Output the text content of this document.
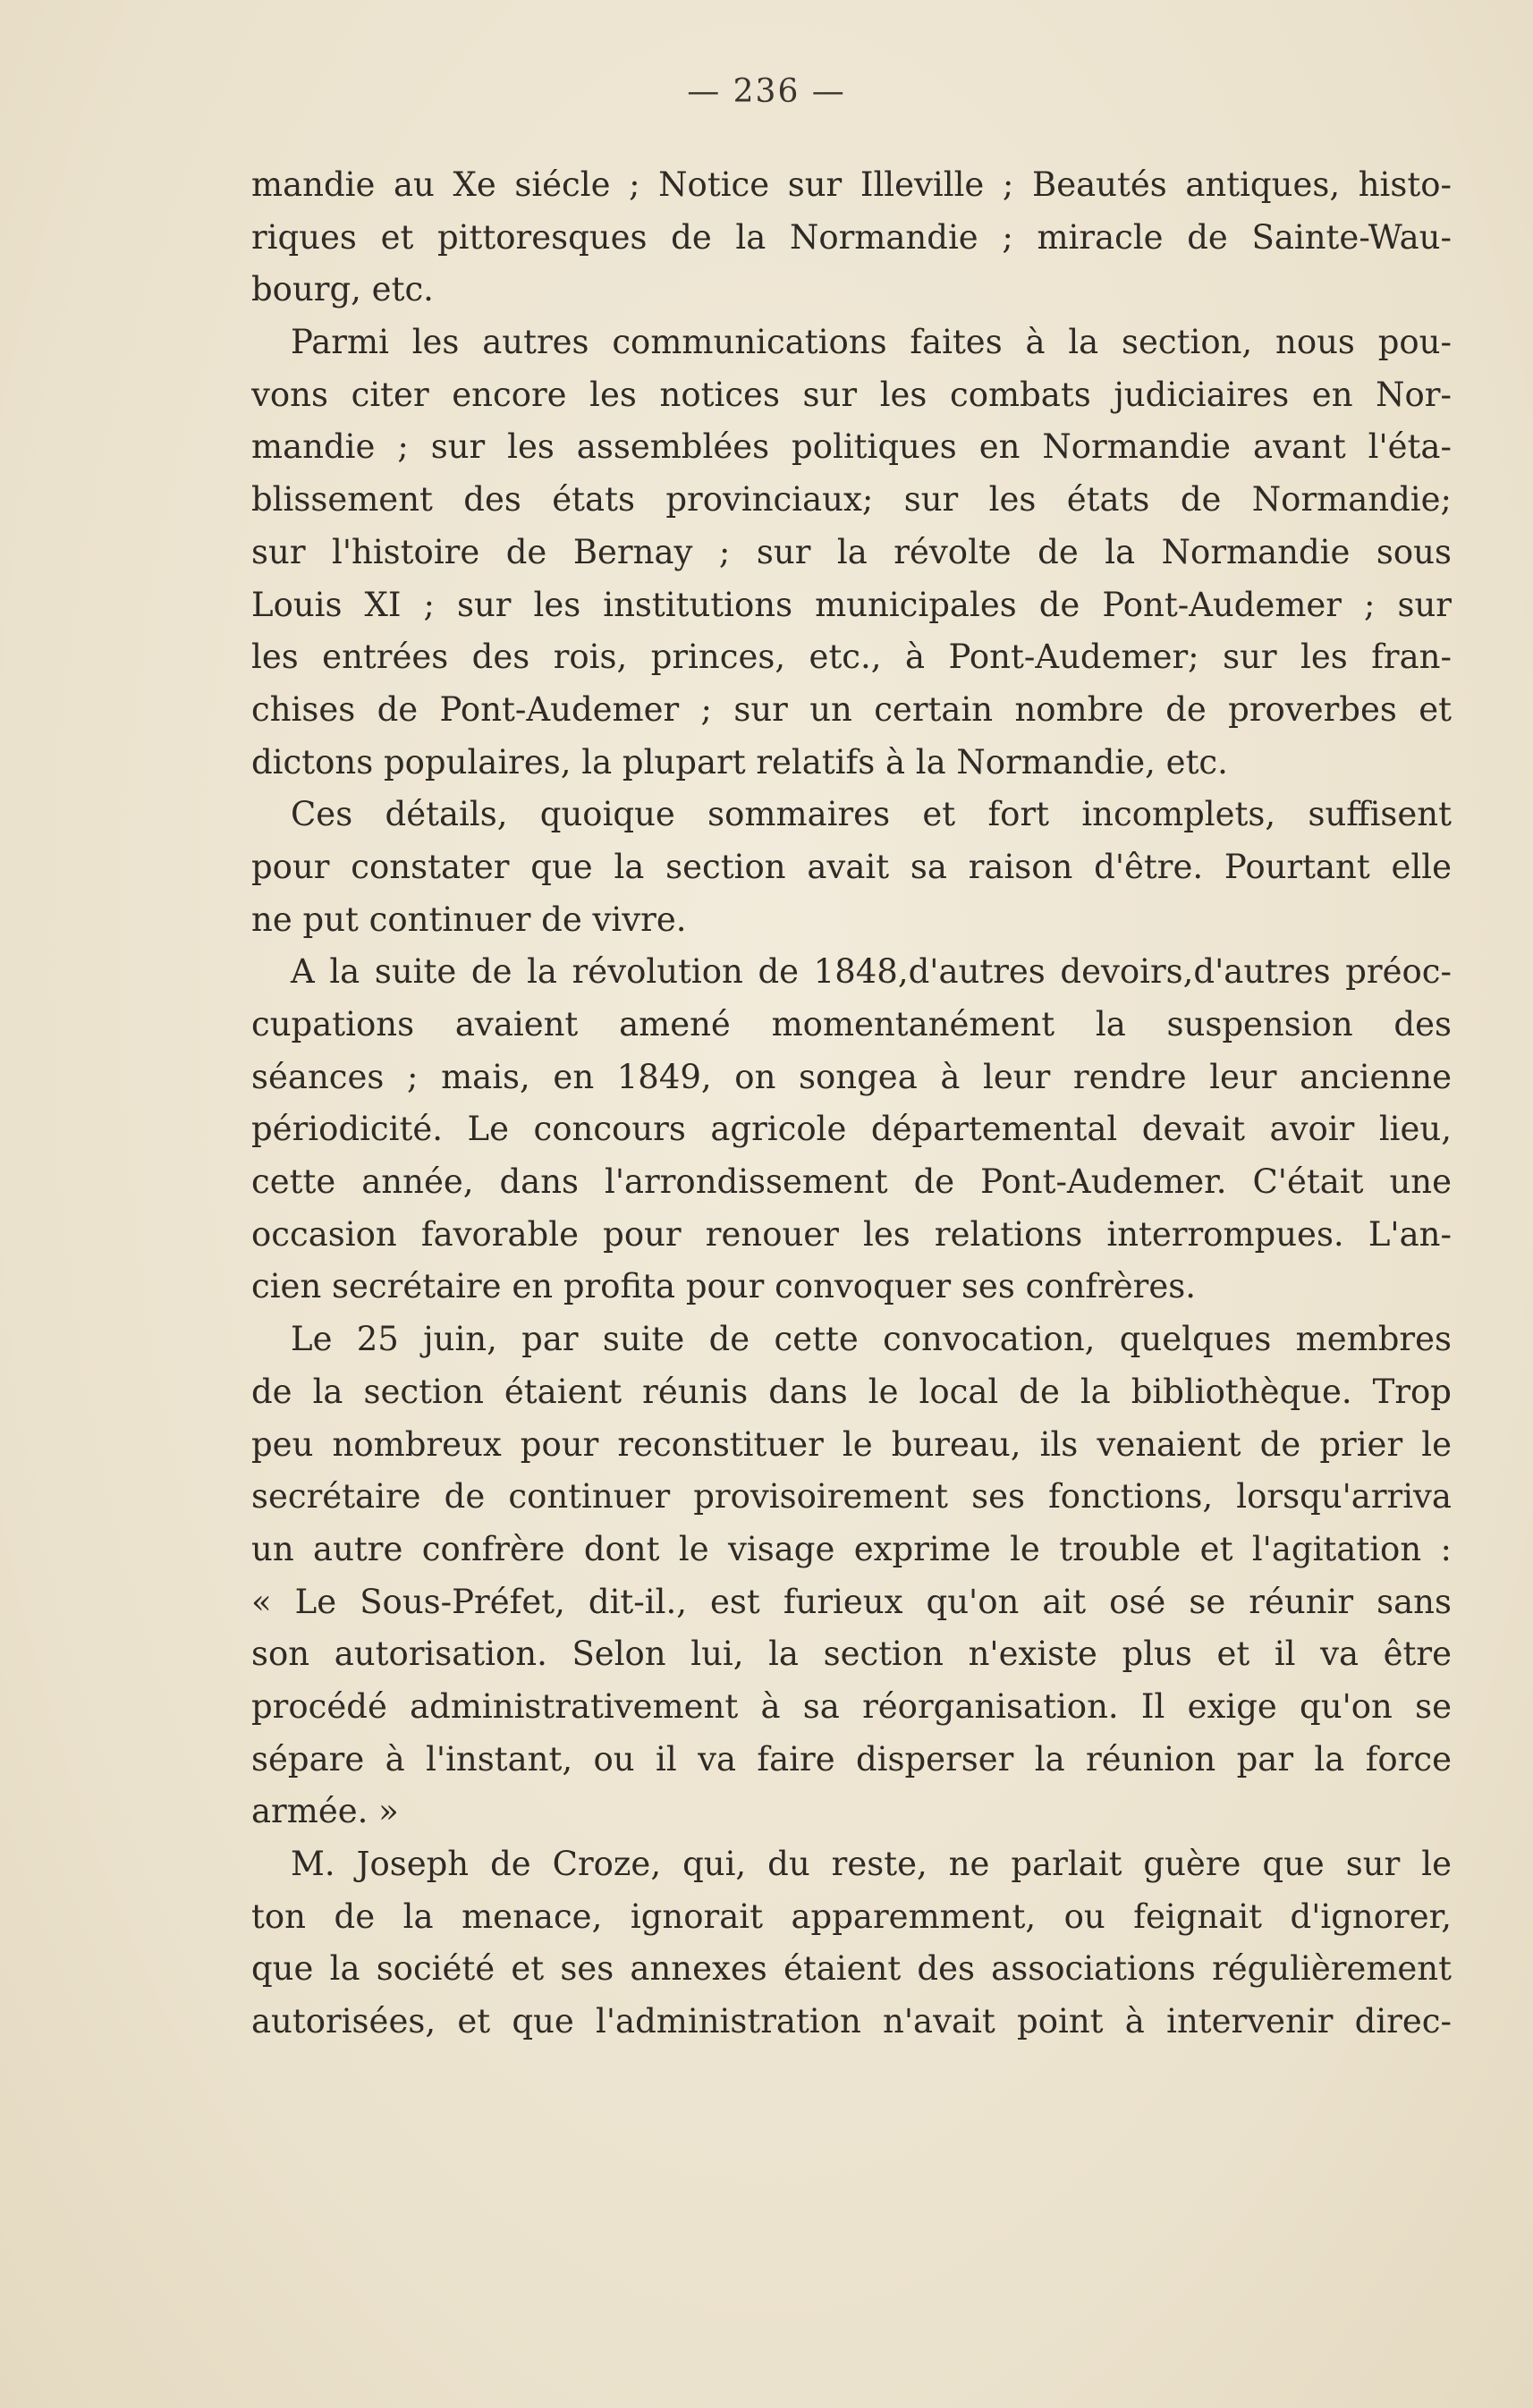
— 236 —
mandie au Xe siécle ; Notice sur Illeville ; Beautés antiques, histo-
riques et pittoresques de la Normandie ; miracle de Sainte-Wau-
bourg, etc.
Parmi les autres communications faites à la section, nous pou-
vons citer encore les notices sur les combats judiciaires en Nor-
mandie ; sur les assemblées politiques en Normandie avant l'éta-
blissement des états provinciaux; sur les états de Normandie;
sur l'histoire de Bernay ; sur la révolte de la Normandie sous
Louis XI ; sur les institutions municipales de Pont-Audemer ; sur
les entrées des rois, princes, etc., à Pont-Audemer; sur les fran-
chises de Pont-Audemer ; sur un certain nombre de proverbes et
dictons populaires, la plupart relatifs à la Normandie, etc.
Ces détails, quoique sommaires et fort incomplets, suffisent
pour constater que la section avait sa raison d'être. Pourtant elle
ne put continuer de vivre.
A la suite de la révolution de 1848,d'autres devoirs,d'autres préoc-
cupations avaient amené momentanément la suspension des
séances ; mais, en 1849, on songea à leur rendre leur ancienne
périodicité. Le concours agricole départemental devait avoir lieu,
cette année, dans l'arrondissement de Pont-Audemer. C'était une
occasion favorable pour renouer les relations interrompues. L'an-
cien secrétaire en profita pour convoquer ses confrères.
Le 25 juin, par suite de cette convocation, quelques membres
de la section étaient réunis dans le local de la bibliothèque. Trop
peu nombreux pour reconstituer le bureau, ils venaient de prier le
secrétaire de continuer provisoirement ses fonctions, lorsqu'arriva
un autre confrère dont le visage exprime le trouble et l'agitation :
« Le Sous-Préfet, dit-il., est furieux qu'on ait osé se réunir sans
son autorisation. Selon lui, la section n'existe plus et il va être
procédé administrativement à sa réorganisation. Il exige qu'on se
sépare à l'instant, ou il va faire disperser la réunion par la force
armée. »
M. Joseph de Croze, qui, du reste, ne parlait guère que sur le
ton de la menace, ignorait apparemment, ou feignait d'ignorer,
que la société et ses annexes étaient des associations régulièrement
autorisées, et que l'administration n'avait point à intervenir direc-
